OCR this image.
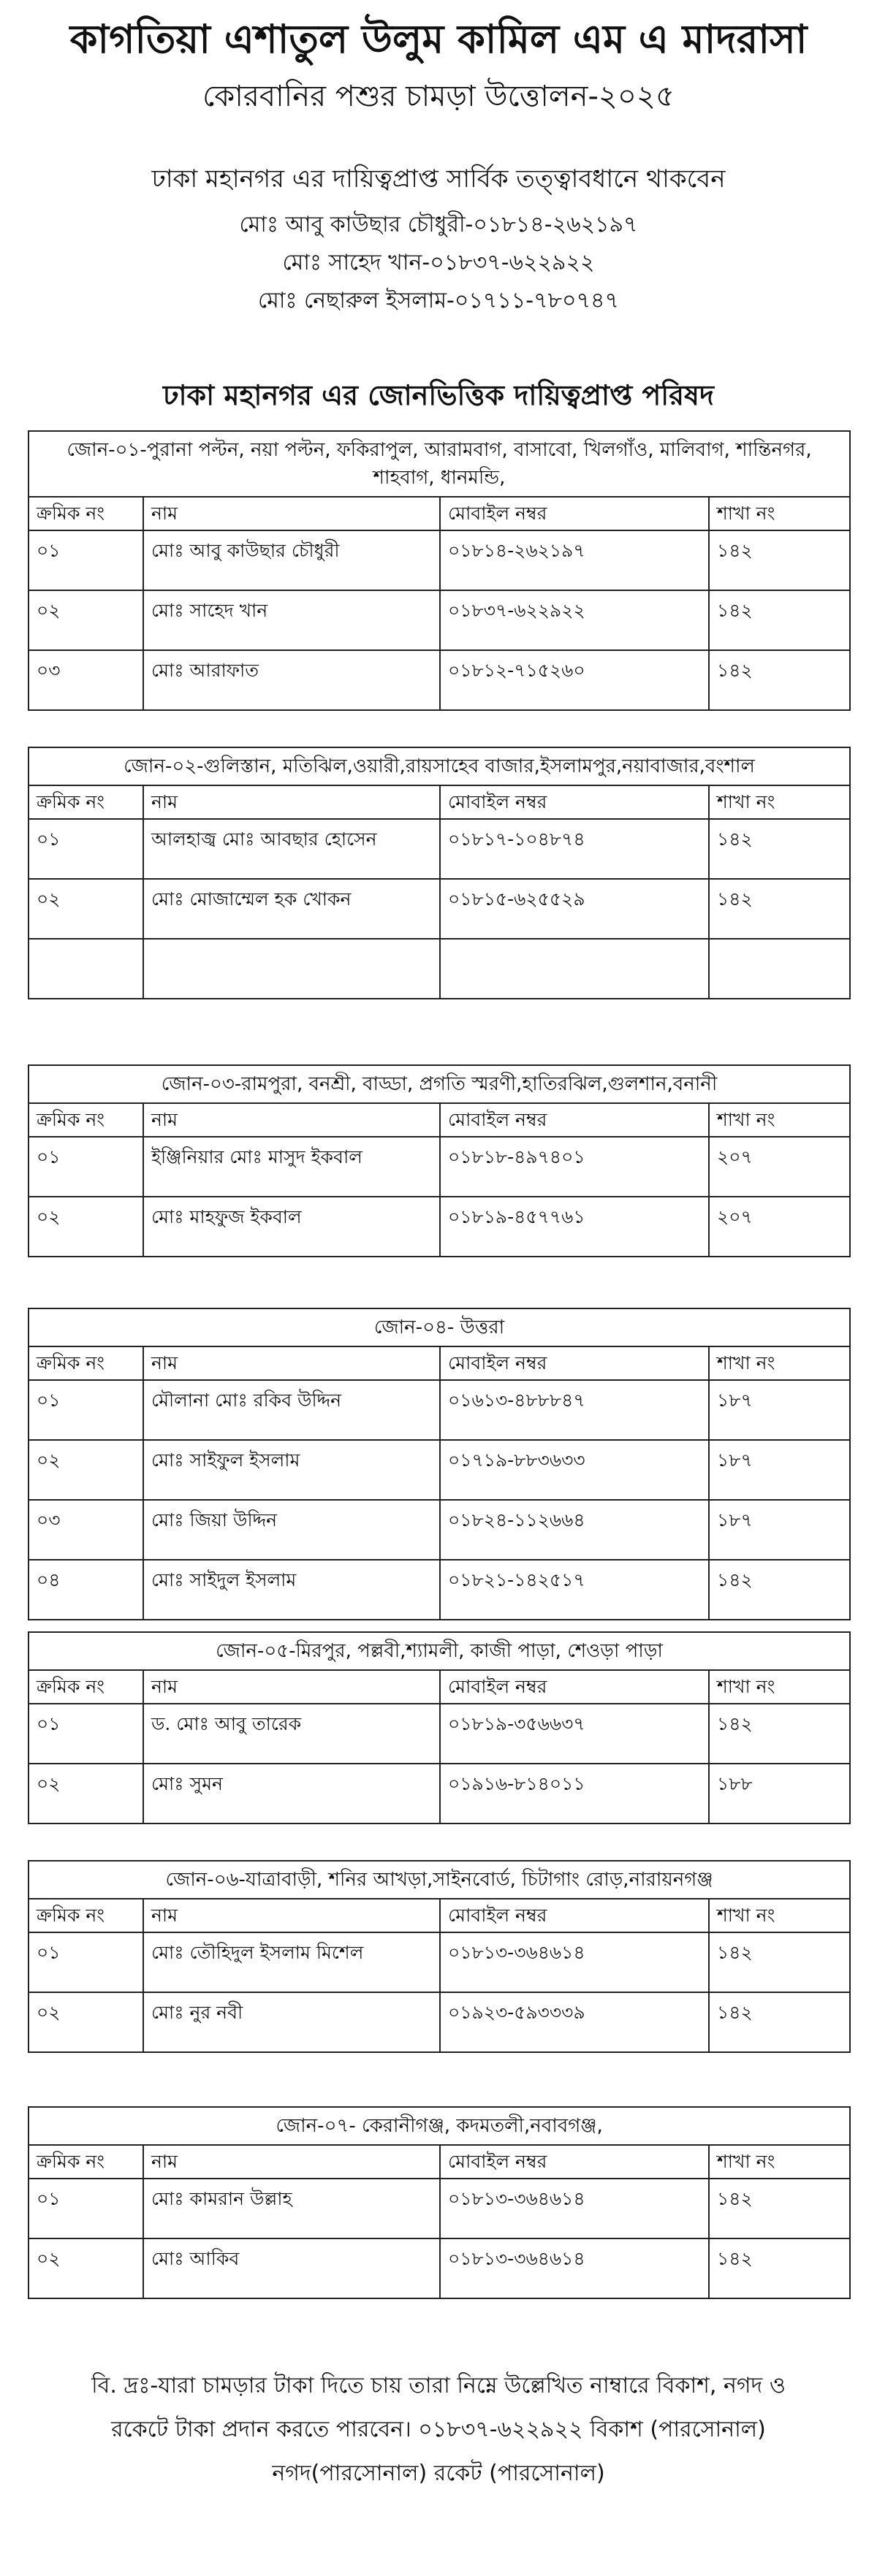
কাগতিয়া এশাতুল উলুম কামিল এম এ মাদরাসা
কোরবানির পশুর চামড়া উত্তোলন-২০২৫
ঢাকা মহানগর এর দায়িত্বপ্রাপ্ত সার্বিক তত্ত্বাবধানে থাকবেন
মোঃ আবু কাউছার চৌধুরী-০১৮১৪-২৬২১৯৭
মোঃ সাহেদ খান-০১৮৩৭-৬২২৯২২
মোঃ নেছারুল ইসলাম-০১৭১১-৭৮০৭৪৭
ঢাকা মহানগর এর জোনভিত্তিক দায়িত্বপ্রাপ্ত পরিষদ
জোন-০১-পুরানা পল্টন, নয়া পল্টন, ফকিরাপুল, আরামবাগ, বাসাবো, খিলগাঁও, মালিবাগ, শান্তিনগর, শাহবাগ, ধানমন্ডি,			
ক্রমিক নং	নাম	মোবাইল নম্বর	শাখা নং
০১	মোঃ আবু কাউছার চৌধুরী	০১৮১৪-২৬২১৯৭	১৪২
০২	মোঃ সাহেদ খান	০১৮৩৭-৬২২৯২২	১৪২
০৩	মোঃ আরাফাত	০১৮১২-৭১৫২৬০	১৪২
জোন-০২-গুলিস্তান, মতিঝিল,ওয়ারী,রায়সাহেব বাজার,ইসলামপুর,নয়াবাজার,বংশাল			
ক্রমিক নং	নাম	মোবাইল নম্বর	শাখা নং
০১	আলহাজ্ব মোঃ আবছার হোসেন	০১৮১৭-১০৪৮৭৪	১৪২
০২	মোঃ মোজাম্মেল হক খোকন	০১৮১৫-৬২৫৫২৯	১৪২

জোন-০৩-রামপুরা, বনশ্রী, বাড্ডা, প্রগতি স্মরণী,হাতিরঝিল,গুলশান,বনানী			
ক্রমিক নং	নাম	মোবাইল নম্বর	শাখা নং
০১	ইঞ্জিনিয়ার মোঃ মাসুদ ইকবাল	০১৮১৮-৪৯৭৪০১	২০৭
০২	মোঃ মাহফুজ ইকবাল	০১৮১৯-৪৫৭৭৬১	২০৭
জোন-০৪- উত্তরা			
ক্রমিক নং	নাম	মোবাইল নম্বর	শাখা নং
০১	মৌলানা মোঃ রকিব উদ্দিন	০১৬১৩-৪৮৮৮৪৭	১৮৭
০২	মোঃ সাইফুল ইসলাম	০১৭১৯-৮৮৩৬৩৩	১৮৭
০৩	মোঃ জিয়া উদ্দিন	০১৮২৪-১১২৬৬৪	১৮৭
০৪	মোঃ সাইদুল ইসলাম	০১৮২১-১৪২৫১৭	১৪২
জোন-০৫-মিরপুর, পল্লবী,শ্যামলী, কাজী পাড়া, শেওড়া পাড়া			
ক্রমিক নং	নাম	মোবাইল নম্বর	শাখা নং
০১	ড. মোঃ আবু তারেক	০১৮১৯-৩৫৬৬৩৭	১৪২
০২	মোঃ সুমন	০১৯১৬-৮১৪০১১	১৮৮
জোন-০৬-যাত্রাবাড়ী, শনির আখড়া,সাইনবোর্ড, চিটাগাং রোড়,নারায়নগঞ্জ			
ক্রমিক নং	নাম	মোবাইল নম্বর	শাখা নং
০১	মোঃ তৌহিদুল ইসলাম মিশেল	০১৮১৩-৩৬৪৬১৪	১৪২
০২	মোঃ নুর নবী	০১৯২৩-৫৯৩৩৩৯	১৪২
জোন-০৭- কেরানীগঞ্জ, কদমতলী,নবাবগঞ্জ,			
ক্রমিক নং	নাম	মোবাইল নম্বর	শাখা নং
০১	মোঃ কামরান উল্লাহ	০১৮১৩-৩৬৪৬১৪	১৪২
০২	মোঃ আকিব	০১৮১৩-৩৬৪৬১৪	১৪২
বি. দ্রঃ-যারা চামড়ার টাকা দিতে চায় তারা নিম্নে উল্লেখিত নাম্বারে বিকাশ, নগদ ও
রকেটে টাকা প্রদান করতে পারবেন। ০১৮৩৭-৬২২৯২২ বিকাশ (পারসোনাল)
নগদ(পারসোনাল) রকেট (পারসোনাল)
